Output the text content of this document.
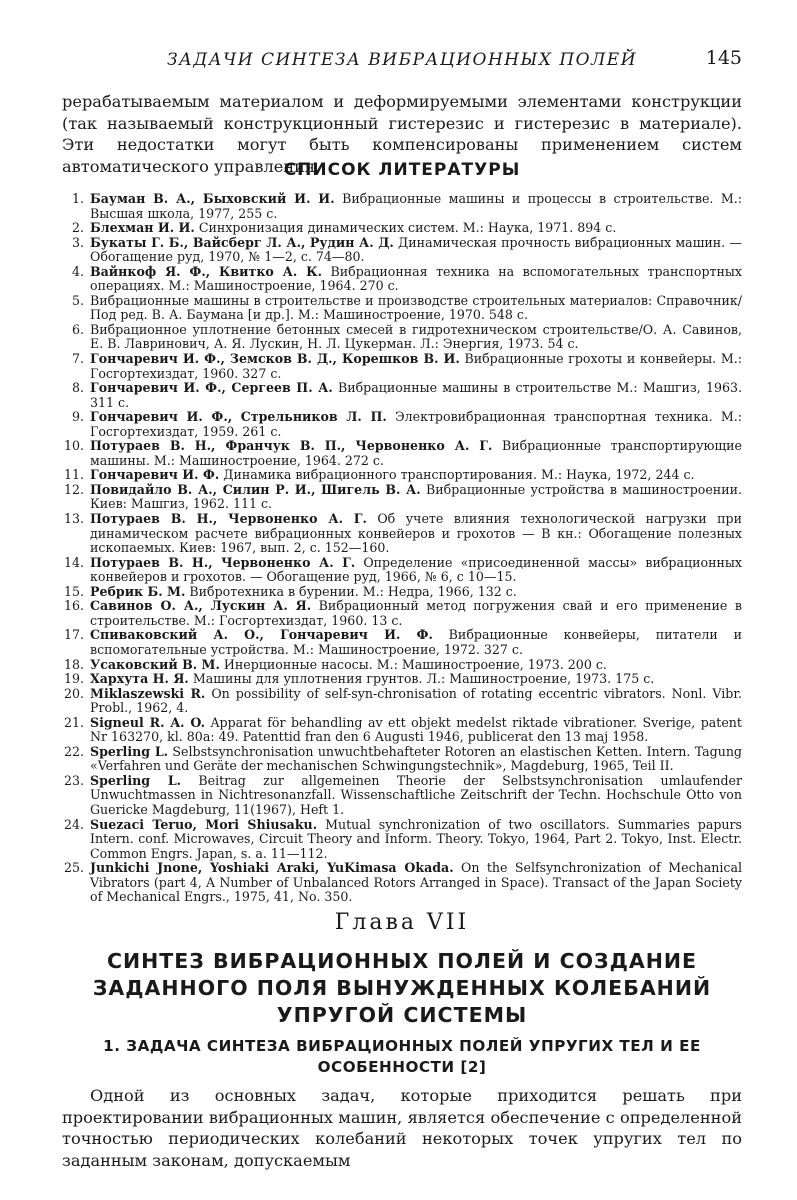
ЗАДАЧИ СИНТЕЗА ВИБРАЦИОННЫХ ПОЛЕЙ	145

рерабатываемым материалом и деформируемыми элементами конструкции (так называемый конструкционный гистерезис и гистерезис в материале). Эти недостатки могут быть компенсированы применением систем автоматического управления.

СПИСОК ЛИТЕРАТУРЫ
1. Бауман В. А., Быховский И. И. Вибрационные машины и процессы в строительстве. М.: Высшая школа, 1977, 255 с.
2. Блехман И. И. Синхронизация динамических систем. М.: Наука, 1971. 894 с.
3. Букаты Г. Б., Вайсберг Л. А., Рудин А. Д. Динамическая прочность вибрационных машин. — Обогащение руд, 1970, № 1—2, с. 74—80.
4. Вайнкоф Я. Ф., Квитко А. К. Вибрационная техника на вспомогательных транспортных операциях. М.: Машиностроение, 1964. 270 с.
5. Вибрационные машины в строительстве и производстве строительных материалов: Справочник/Под ред. В. А. Баумана [и др.]. М.: Машиностроение, 1970. 548 с.
6. Вибрационное уплотнение бетонных смесей в гидротехническом строительстве/О. А. Савинов, Е. В. Лавринович, А. Я. Лускин, Н. Л. Цукерман. Л.: Энергия, 1973. 54 с.
7. Гончаревич И. Ф., Земсков В. Д., Корешков В. И. Вибрационные грохоты и конвейеры. М.: Госгортехиздат, 1960. 327 с.
8. Гончаревич И. Ф., Сергеев П. А. Вибрационные машины в строительстве М.: Машгиз, 1963. 311 с.
9. Гончаревич И. Ф., Стрельников Л. П. Электровибрационная транспортная техника. М.: Госгортехиздат, 1959. 261 с.
10. Потураев В. Н., Франчук В. П., Червоненко А. Г. Вибрационные транспортирующие машины. М.: Машиностроение, 1964. 272 с.
11. Гончаревич И. Ф. Динамика вибрационного транспортирования. М.: Наука, 1972, 244 с.
12. Повидайло В. А., Силин Р. И., Шигель В. А. Вибрационные устройства в машиностроении. Киев: Машгиз, 1962. 111 с.
13. Потураев В. Н., Червоненко А. Г. Об учете влияния технологической нагрузки при динамическом расчете вибрационных конвейеров и грохотов — В кн.: Обогащение полезных ископаемых. Киев: 1967, вып. 2, с. 152—160.
14. Потураев В. Н., Червоненко А. Г. Определение «присоединенной массы» вибрационных конвейеров и грохотов. — Обогащение руд, 1966, № 6, с 10—15.
15. Ребрик Б. М. Вибротехника в бурении. М.: Недра, 1966, 132 с.
16. Савинов О. А., Лускин А. Я. Вибрационный метод погружения свай и его применение в строительстве. М.: Госгортехиздат, 1960. 13 с.
17. Спиваковский А. О., Гончаревич И. Ф. Вибрационные конвейеры, питатели и вспомогательные устройства. М.: Машиностроение, 1972. 327 с.
18. Усаковский В. М. Инерционные насосы. М.: Машиностроение, 1973. 200 с.
19. Хархута Н. Я. Машины для уплотнения грунтов. Л.: Машиностроение, 1973. 175 с.
20. Miklaszewski R. On possibility of self-syn-chronisation of rotating eccentric vibrators. Nonl. Vibr. Probl., 1962, 4.
21. Signeul R. A. O. Apparat för behandling av ett objekt medelst riktade vibrationer. Sverige, patent Nr 163270, kl. 80a: 49. Patenttid fran den 6 Augusti 1946, publicerat den 13 maj 1958.
22. Sperling L. Selbstsynchronisation unwuchtbehafteter Rotoren an elastischen Ketten. Intern. Tagung «Verfahren und Geräte der mechanischen Schwingungstechnik», Magdeburg, 1965, Teil II.
23. Sperling L. Beitrag zur allgemeinen Theorie der Selbstsynchronisation umlaufender Unwuchtmassen in Nichtresonanzfall. Wissenschaftliche Zeitschrift der Techn. Hochschule Otto von Guericke Magdeburg, 11(1967), Heft 1.
24. Suezaci Teruo, Mori Shiusaku. Mutual synchronization of two oscillators. Summaries papurs Intern. conf. Microwaves, Circuit Theory and Inform. Theory. Tokyo, 1964, Part 2. Tokyo, Inst. Electr. Common Engrs. Japan, s. a. 11—112.
25. Junkichi Jnone, Yoshiaki Araki, YuKimasa Okada. On the Selfsynchronization of Mechanical Vibrators (part 4, A Number of Unbalanced Rotors Arranged in Space). Transact of the Japan Society of Mechanical Engrs., 1975, 41, No. 350.
Глава VII
СИНТЕЗ ВИБРАЦИОННЫХ ПОЛЕЙ И СОЗДАНИЕ ЗАДАННОГО ПОЛЯ ВЫНУЖДЕННЫХ КОЛЕБАНИЙ УПРУГОЙ СИСТЕМЫ
1. ЗАДАЧА СИНТЕЗА ВИБРАЦИОННЫХ ПОЛЕЙ УПРУГИХ ТЕЛ И ЕЕ ОСОБЕННОСТИ [2]

Одной из основных задач, которые приходится решать при проектировании вибрационных машин, является обеспечение с определенной точностью периодических колебаний некоторых точек упругих тел по заданным законам, допускаемым
